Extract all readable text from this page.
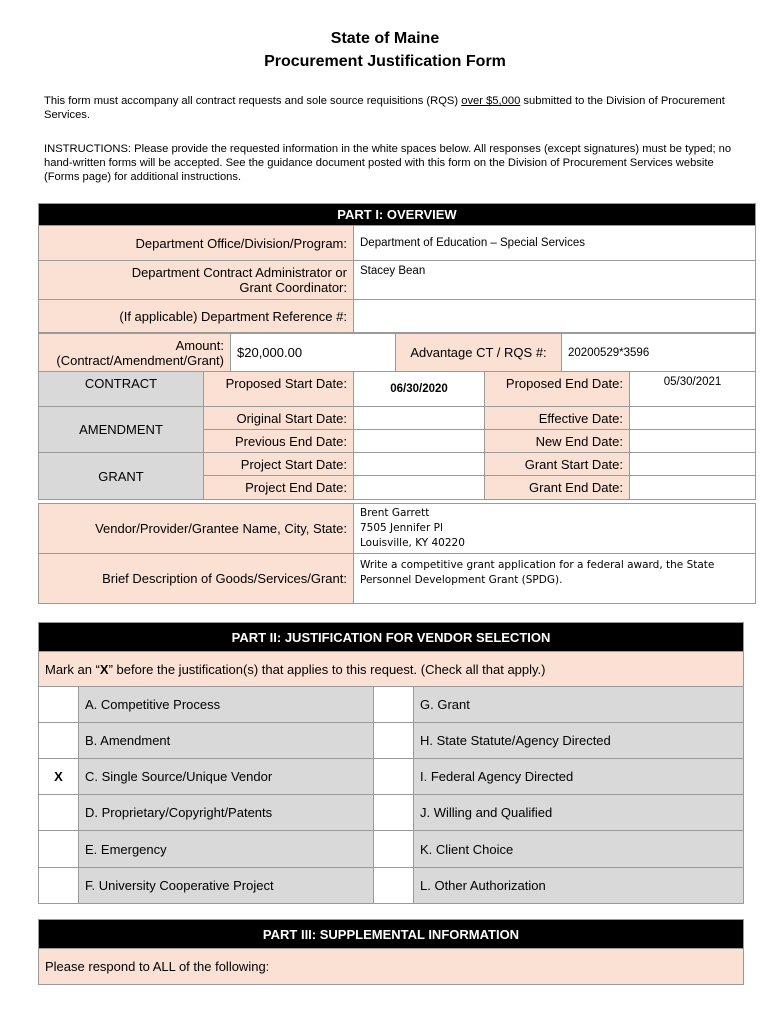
State of Maine
Procurement Justification Form
This form must accompany all contract requests and sole source requisitions (RQS) over $5,000 submitted to the Division of Procurement Services.
INSTRUCTIONS: Please provide the requested information in the white spaces below. All responses (except signatures) must be typed; no hand-written forms will be accepted. See the guidance document posted with this form on the Division of Procurement Services website (Forms page) for additional instructions.
PART I: OVERVIEW	
Department Office/Division/Program:	Department of Education – Special Services

Department Contract Administrator or
Grant Coordinator:	Stacey Bean
(If applicable) Department Reference #:	
Amount:
(Contract/Amendment/Grant)	$20,000.00	Advantage CT / RQS #:	20200529*3596
CONTRACT	Proposed Start Date:	06/30/2020	Proposed End Date:	05/30/2021
AMENDMENT	Original Start Date:		Effective Date:	
	Previous End Date:		New End Date:	
GRANT	Project Start Date:		Grant Start Date:	
	Project End Date:		Grant End Date:	
Vendor/Provider/Grantee Name, City, State:	Brent Garrett
7505 Jennifer Pl
Louisville, KY 40220

Brief Description of Goods/Services/Grant:	Write a competitive grant application for a federal award, the State Personnel Development Grant (SPDG).
PART II: JUSTIFICATION FOR VENDOR SELECTION			
Mark an “X” before the justification(s) that applies to this request. (Check all that apply.)			
	A. Competitive Process		G. Grant
	B. Amendment		H. State Statute/Agency Directed
X	C. Single Source/Unique Vendor		I. Federal Agency Directed
	D. Proprietary/Copyright/Patents		J. Willing and Qualified
	E. Emergency		K. Client Choice
	F. University Cooperative Project		L. Other Authorization
PART III: SUPPLEMENTAL INFORMATION
Please respond to ALL of the following:
